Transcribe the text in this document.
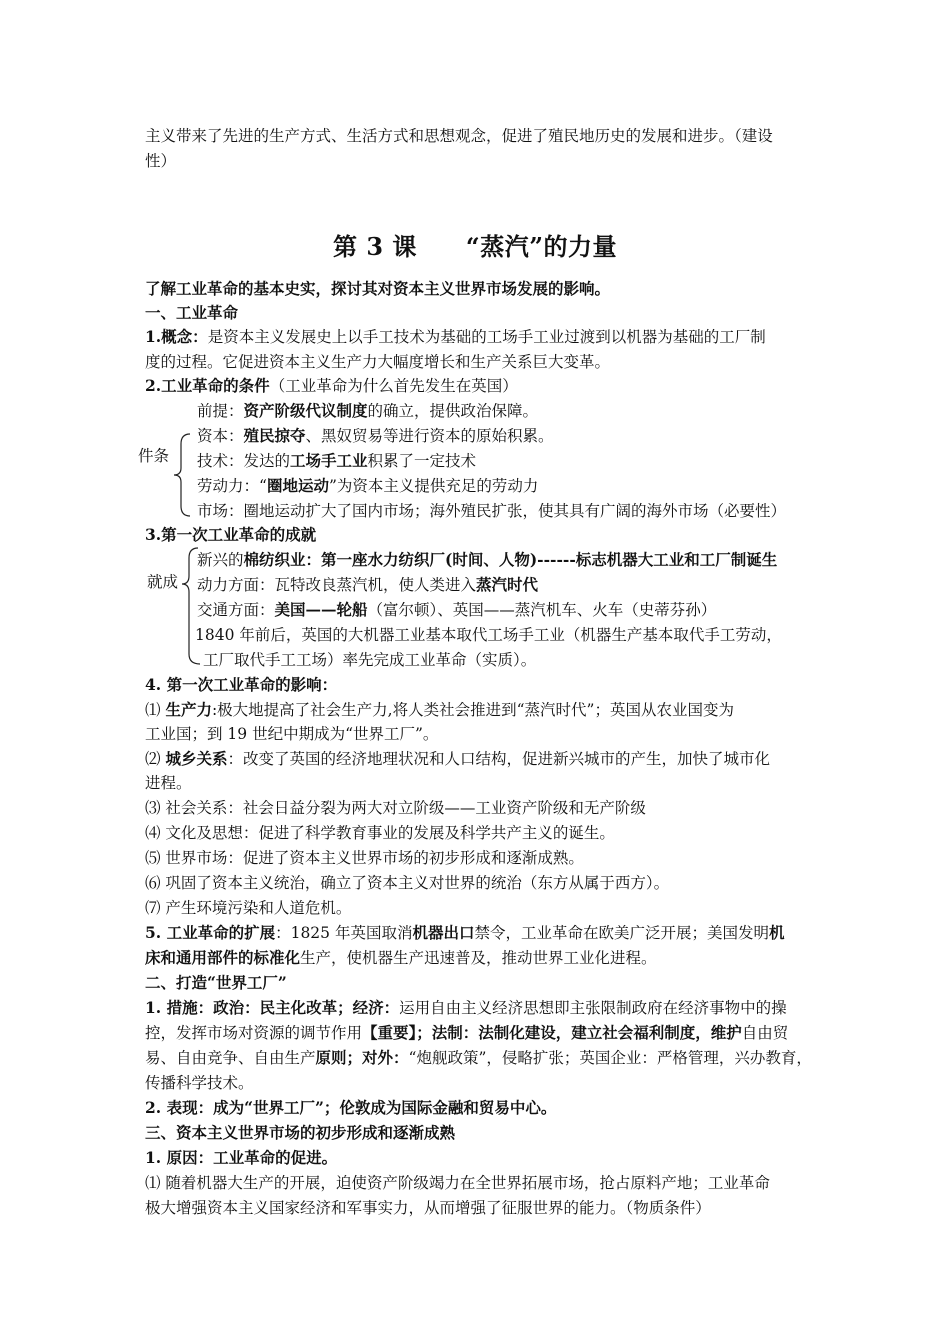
主义带来了先进的生产方式、生活方式和思想观念，促进了殖民地历史的发展和进步。（建设
性）
第 3 课　　“蒸汽”的力量
了解工业革命的基本史实，探讨其对资本主义世界市场发展的影响。
一、工业革命
1.概念：是资本主义发展史上以手工技术为基础的工场手工业过渡到以机器为基础的工厂制
度的过程。它促进资本主义生产力大幅度增长和生产关系巨大变革。
2.工业革命的条件（工业革命为什么首先发生在英国）
前提：资产阶级代议制度的确立，提供政治保障。
资本：殖民掠夺、黑奴贸易等进行资本的原始积累。
技术：发达的工场手工业积累了一定技术
劳动力：“圈地运动”为资本主义提供充足的劳动力
市场：圈地运动扩大了国内市场；海外殖民扩张，使其具有广阔的海外市场（必要性）
件条
3.第一次工业革命的成就
新兴的棉纺织业：第一座水力纺织厂(时间、人物)------标志机器大工业和工厂制诞生
动力方面：瓦特改良蒸汽机，使人类进入蒸汽时代
交通方面：美国——轮船（富尔顿）、英国——蒸汽机车、火车（史蒂芬孙）
1840 年前后，英国的大机器工业基本取代工场手工业（机器生产基本取代手工劳动，
工厂取代手工工场）率先完成工业革命（实质）。
就成
4. 第一次工业革命的影响：
⑴ 生产力:极大地提高了社会生产力,将人类社会推进到“蒸汽时代”；英国从农业国变为
工业国；到 19 世纪中期成为“世界工厂”。
⑵ 城乡关系：改变了英国的经济地理状况和人口结构，促进新兴城市的产生，加快了城市化
进程。
⑶ 社会关系：社会日益分裂为两大对立阶级——工业资产阶级和无产阶级
⑷ 文化及思想：促进了科学教育事业的发展及科学共产主义的诞生。
⑸ 世界市场：促进了资本主义世界市场的初步形成和逐渐成熟。
⑹ 巩固了资本主义统治，确立了资本主义对世界的统治（东方从属于西方）。
⑺ 产生环境污染和人道危机。
5. 工业革命的扩展：1825 年英国取消机器出口禁令，工业革命在欧美广泛开展；美国发明机
床和通用部件的标准化生产，使机器生产迅速普及，推动世界工业化进程。
二、打造“世界工厂”
1. 措施：政治：民主化改革；经济：运用自由主义经济思想即主张限制政府在经济事物中的操
控，发挥市场对资源的调节作用【重要】；法制：法制化建设，建立社会福利制度，维护自由贸
易、自由竞争、自由生产原则；对外：“炮舰政策”，侵略扩张；英国企业：严格管理，兴办教育，
传播科学技术。
2. 表现：成为“世界工厂”；伦敦成为国际金融和贸易中心。
三、资本主义世界市场的初步形成和逐渐成熟
1. 原因：工业革命的促进。
⑴ 随着机器大生产的开展，迫使资产阶级竭力在全世界拓展市场，抢占原料产地；工业革命
极大增强资本主义国家经济和军事实力，从而增强了征服世界的能力。（物质条件）
